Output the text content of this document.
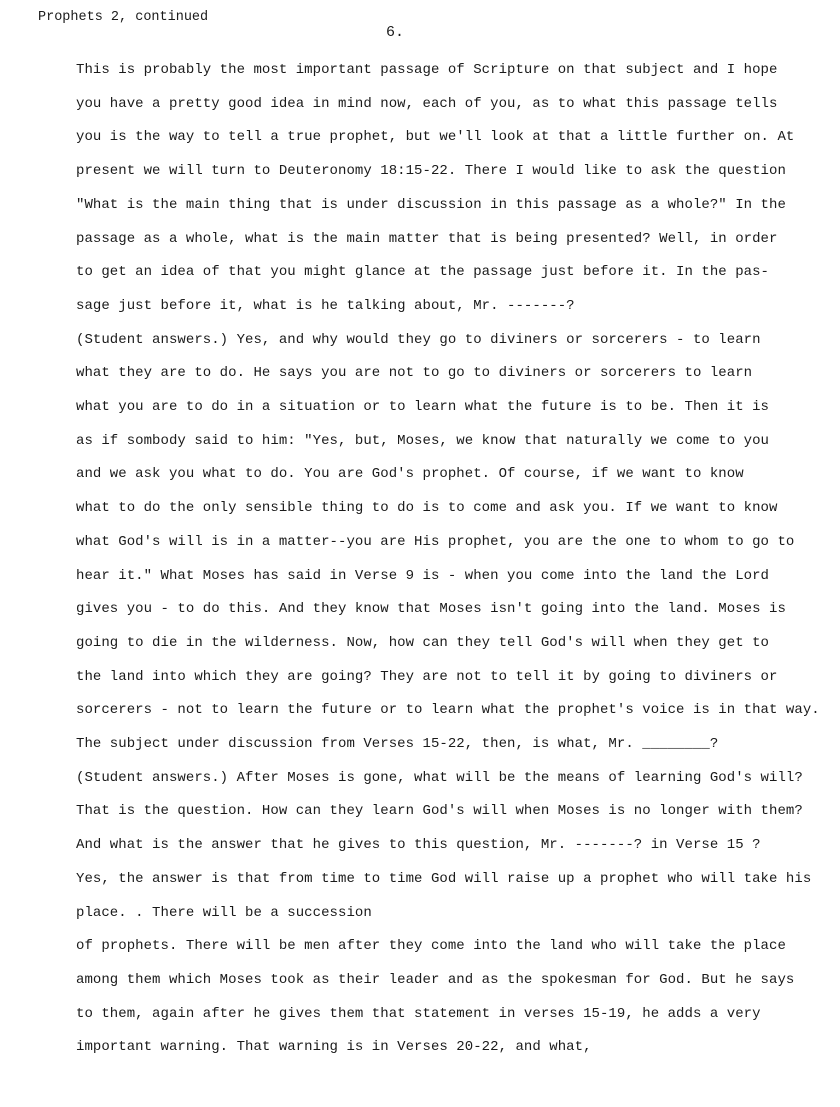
Prophets 2, continued
6.
This is probably the most important passage of Scripture on that subject and I hope
you have a pretty good idea in mind now, each of you, as to what this passage tells
you is the way to tell a true prophet, but we'll look at that a little further on. At
present we will turn to Deuteronomy 18:15-22. There I would like to ask the question
"What is the main thing that is under discussion in this passage as a whole?" In the
passage as a whole, what is the main matter that is being presented? Well, in order
to get an idea of that you might glance at the passage just before it. In the pas-
sage just before it, what is he talking about, Mr. -------?
(Student answers.) Yes, and why would they go to diviners or sorcerers - to learn
what they are to do. He says you are not to go to diviners or sorcerers to learn
what you are to do in a situation or to learn what the future is to be. Then it is
as if sombody said to him: "Yes, but, Moses, we know that naturally we come to you
and we ask you what to do. You are God's prophet. Of course, if we want to know
what to do the only sensible thing to do is to come and ask you. If we want to know
what God's will is in a matter--you are His prophet, you are the one to whom to go to
hear it." What Moses has said in Verse 9 is - when you come into the land the Lord
gives you - to do this. And they know that Moses isn't going into the land. Moses is
going to die in the wilderness. Now, how can they tell God's will when they get to
the land into which they are going? They are not to tell it by going to diviners or
sorcerers - not to learn the future or to learn what the prophet's voice is in that way.
The subject under discussion from Verses 15-22, then, is what, Mr. ________?
(Student answers.) After Moses is gone, what will be the means of learning God's will?
That is the question. How can they learn God's will when Moses is no longer with them?
And what is the answer that he gives to this question, Mr. -------? in Verse 15 ?
Yes, the answer is that from time to time God will raise up a prophet who will take his
place. . There will be a succession
of prophets. There will be men after they come into the land who will take the place
among them which Moses took as their leader and as the spokesman for God. But he says
to them, again after he gives them that statement in verses 15-19, he adds a very
important warning. That warning is in Verses 20-22, and what,
